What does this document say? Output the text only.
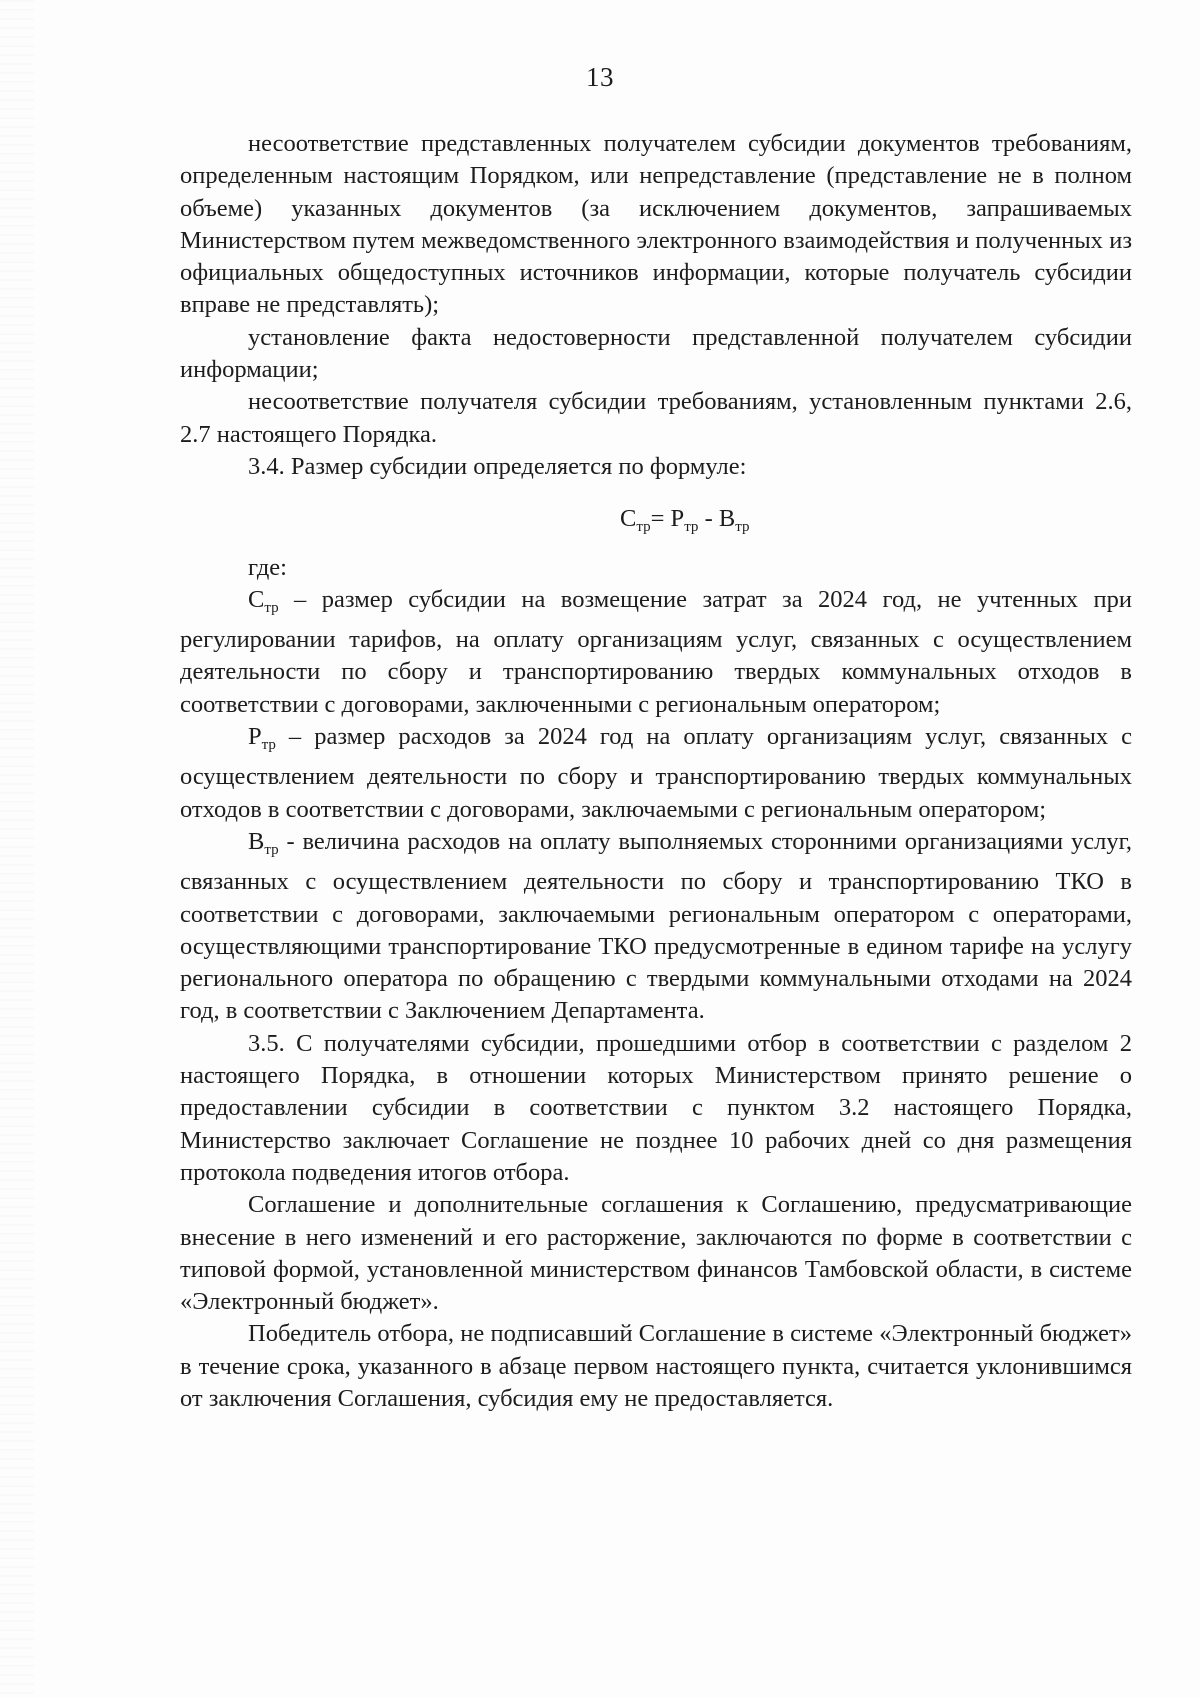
13

несоответствие представленных получателем субсидии документов требованиям, определенным настоящим Порядком, или непредставление (представление не в полном объеме) указанных документов (за исключением документов, запрашиваемых Министерством путем межведомственного электронного взаимодействия и полученных из официальных общедоступных источников информации, которые получатель субсидии вправе не представлять);

установление факта недостоверности представленной получателем субсидии информации;

несоответствие получателя субсидии требованиям, установленным пунктами 2.6, 2.7 настоящего Порядка.

3.4. Размер субсидии определяется по формуле:

$С_{тр}= Р_{тр} - В_{тр}$

где:

$С_{тр}$ – размер субсидии на возмещение затрат за 2024 год, не учтенных при регулировании тарифов, на оплату организациям услуг, связанных с осуществлением деятельности по сбору и транспортированию твердых коммунальных отходов в соответствии с договорами, заключенными с региональным оператором;

$Р_{тр}$ – размер расходов за 2024 год на оплату организациям услуг, связанных с осуществлением деятельности по сбору и транспортированию твердых коммунальных отходов в соответствии с договорами, заключаемыми с региональным оператором;

$В_{тр}$ - величина расходов на оплату выполняемых сторонними организациями услуг, связанных с осуществлением деятельности по сбору и транспортированию ТКО в соответствии с договорами, заключаемыми региональным оператором с операторами, осуществляющими транспортирование ТКО предусмотренные в едином тарифе на услугу регионального оператора по обращению с твердыми коммунальными отходами на 2024 год, в соответствии с Заключением Департамента.

3.5. С получателями субсидии, прошедшими отбор в соответствии с разделом 2 настоящего Порядка, в отношении которых Министерством принято решение о предоставлении субсидии в соответствии с пунктом 3.2 настоящего Порядка, Министерство заключает Соглашение не позднее 10 рабочих дней со дня размещения протокола подведения итогов отбора.

Соглашение и дополнительные соглашения к Соглашению, предусматривающие внесение в него изменений и его расторжение, заключаются по форме в соответствии с типовой формой, установленной министерством финансов Тамбовской области, в системе «Электронный бюджет».

Победитель отбора, не подписавший Соглашение в системе «Электронный бюджет» в течение срока, указанного в абзаце первом настоящего пункта, считается уклонившимся от заключения Соглашения, субсидия ему не предоставляется.
